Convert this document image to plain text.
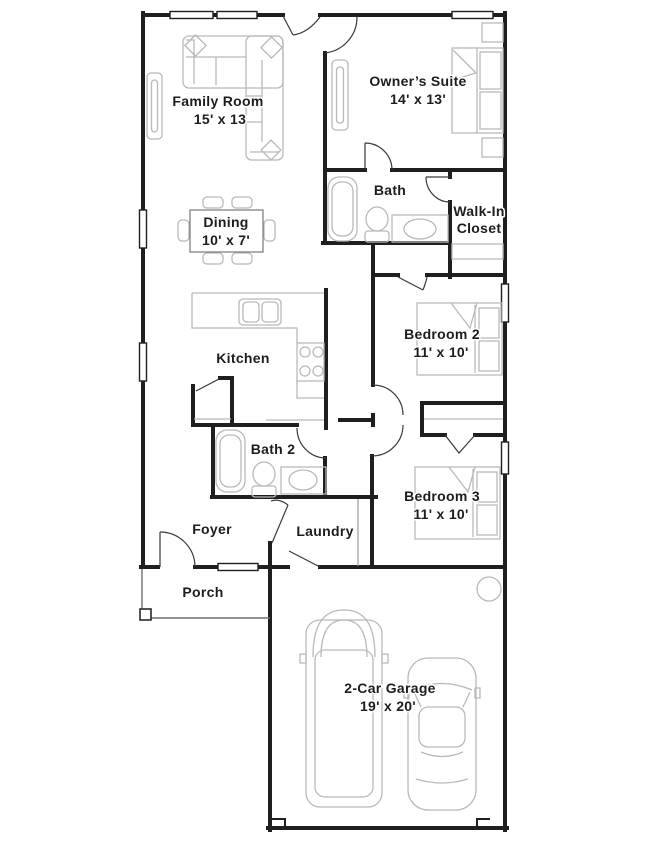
Family Room
15' x 13
Owner’s Suite
14' x 13'
Dining
10' x 7'
Bath
Walk-In
Closet
Kitchen
Bedroom 2
11' x 10'
Bath 2
Bedroom 3
11' x 10'
Foyer	Laundry
Porch
2-Car Garage
19' x 20'
